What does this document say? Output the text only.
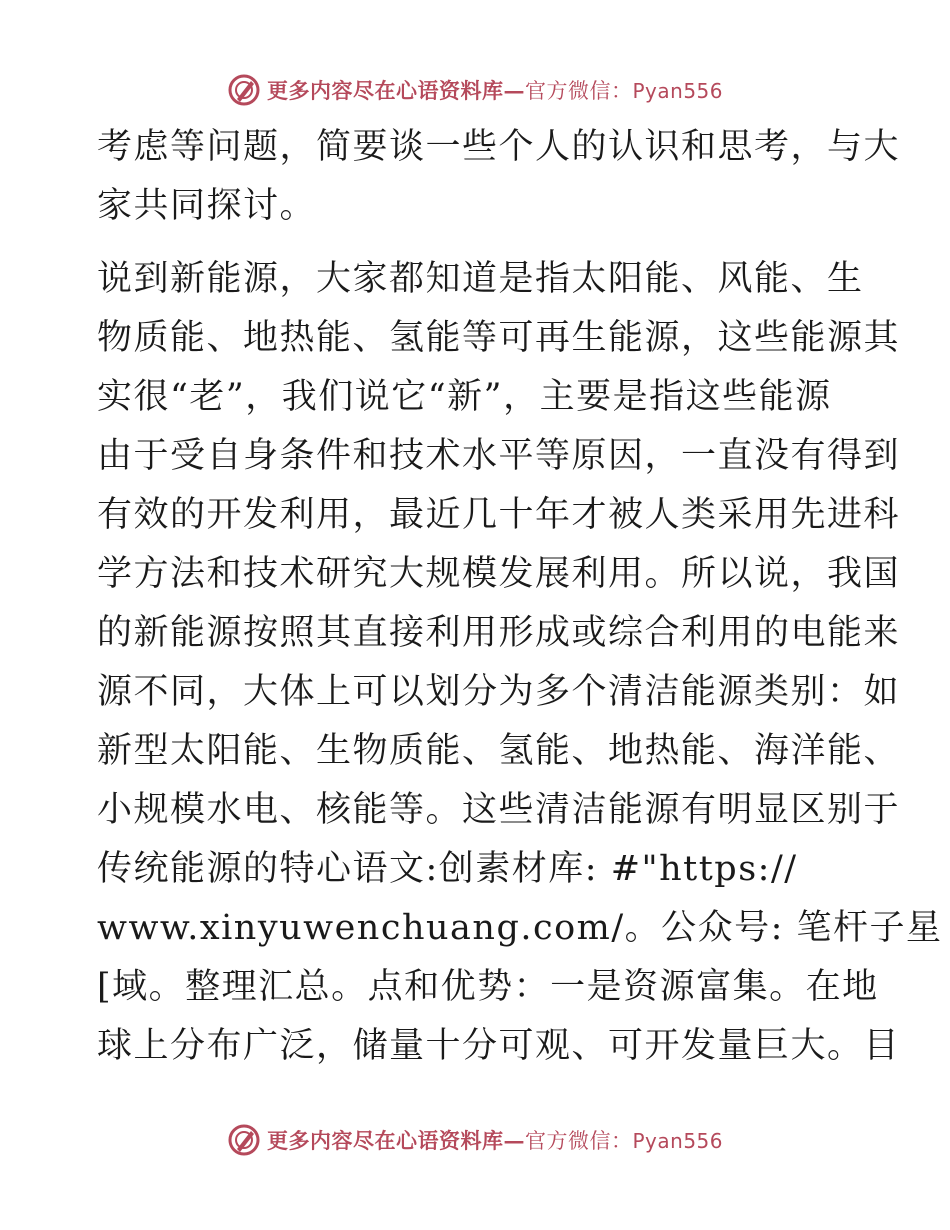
更多内容尽在心语资料库—官方微信：Pyan556
考虑等问题，简要谈一些个人的认识和思考，与大
家共同探讨。
说到新能源，大家都知道是指太阳能、风能、生
物质能、地热能、氢能等可再生能源，这些能源其
实很“老”，我们说它“新”，主要是指这些能源
由于受自身条件和技术水平等原因，一直没有得到
有效的开发利用，最近几十年才被人类采用先进科
学方法和技术研究大规模发展利用。所以说，我国
的新能源按照其直接利用形成或综合利用的电能来
源不同，大体上可以划分为多个清洁能源类别：如
新型太阳能、生物质能、氢能、地热能、海洋能、
小规模水电、核能等。这些清洁能源有明显区别于
传统能源的特心语文:创素材库: #"https://
www.xinyuwenchuang.com/。公众号: 笔杆子星
[域。整理汇总。点和优势：一是资源富集。在地
球上分布广泛，储量十分可观、可开发量巨大。目
更多内容尽在心语资料库—官方微信：Pyan556
